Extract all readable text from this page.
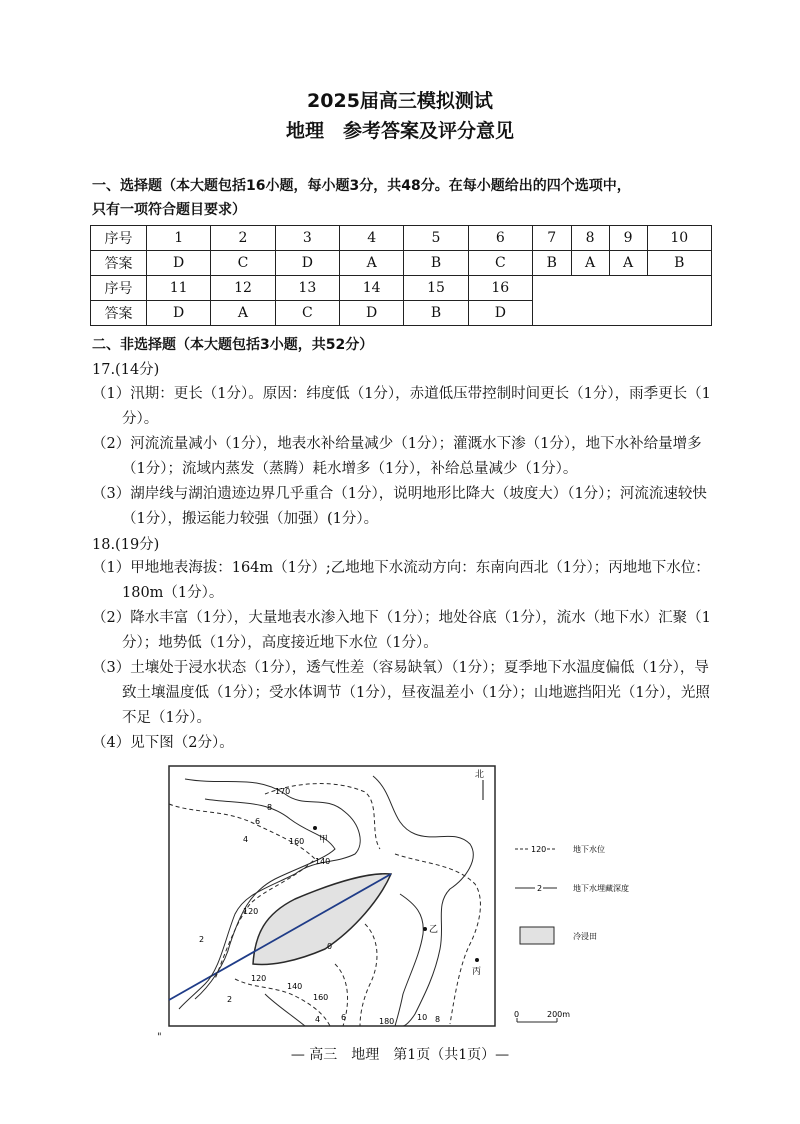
2025届高三模拟测试
地理　参考答案及评分意见
一、选择题（本大题包括16小题，每小题3分，共48分。在每小题给出的四个选项中，
只有一项符合题目要求）
序号	1	2	3	4	5	6	7	8	9	10
答案	D	C	D	A	B	C	B	A	A	B
序号	11	12	13	14	15	16				
答案	D	A	C	D	B	D				
二、非选择题（本大题包括3小题，共52分）
17.(14分)

（1）汛期：更长（1分）。原因：纬度低（1分），赤道低压带控制时间更长（1分），雨季更长（1分）。

（2）河流流量减小（1分），地表水补给量减少（1分）；灌溉水下渗（1分），地下水补给量增多（1分）；流域内蒸发（蒸腾）耗水增多（1分），补给总量减少（1分）。

（3）湖岸线与湖泊遗迹边界几乎重合（1分），说明地形比降大（坡度大）（1分）；河流流速较快（1分），搬运能力较强（加强）(1分）。

18.(19分)

（1）甲地地表海拔：164m（1分）;乙地地下水流动方向：东南向西北（1分）；丙地地下水位：180m（1分）。

（2）降水丰富（1分），大量地表水渗入地下（1分）；地处谷底（1分），流水（地下水）汇聚（1分）；地势低（1分），高度接近地下水位（1分）。

（3）土壤处于浸水状态（1分），透气性差（容易缺氧）（1分）；夏季地下水温度偏低（1分），导致土壤温度低（1分）；受水体调节（1分），昼夜温差小（1分）；山地遮挡阳光（1分），光照不足（1分）。

（4）见下图（2分）。

170
8
6
4	160
140
120
2
0
120
140
160
2
4	6	180	10 8
甲
乙
丙
北
120	地下水位
2	地下水埋藏深度
冷浸田
0	200m
"
— 高三　地理　第1页（共1页）—
